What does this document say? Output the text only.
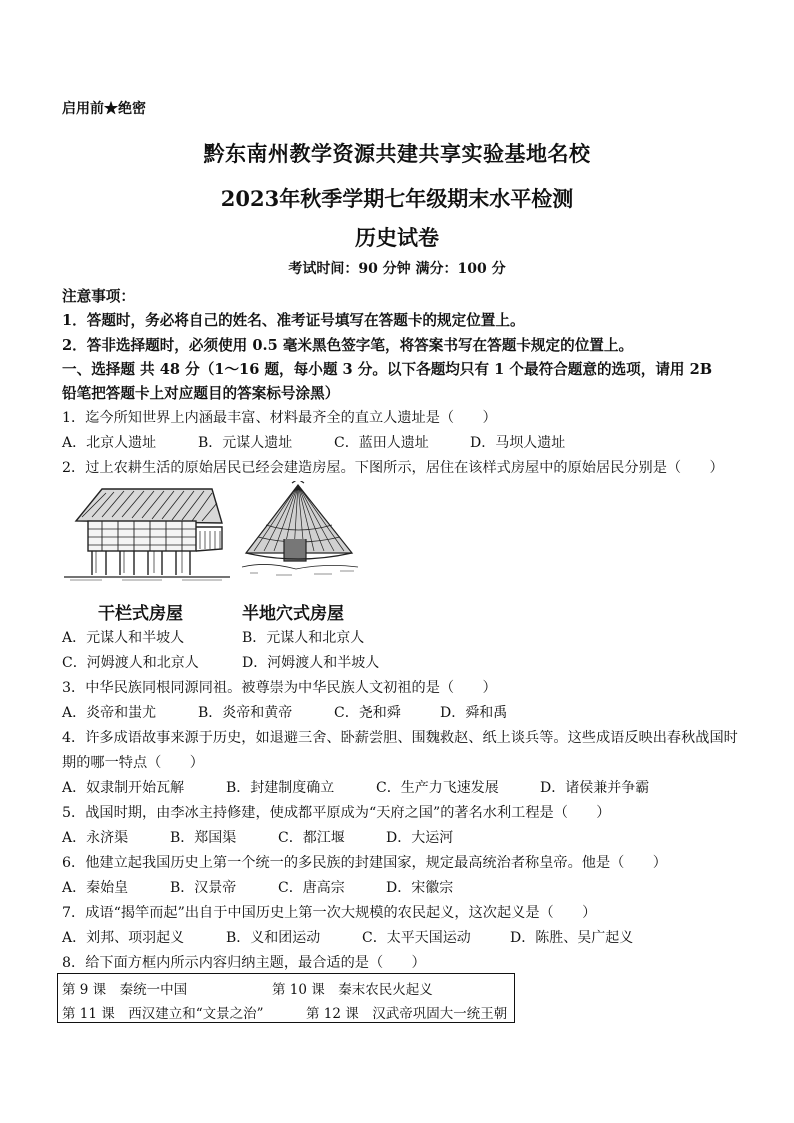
启用前★绝密
黔东南州教学资源共建共享实验基地名校
2023年秋季学期七年级期末水平检测
历史试卷
考试时间：90 分钟 满分：100 分
注意事项：
1．答题时，务必将自己的姓名、准考证号填写在答题卡的规定位置上。
2．答非选择题时，必须使用 0.5 毫米黑色签字笔，将答案书写在答题卡规定的位置上。
一、选择题 共 48 分（1～16 题，每小题 3 分。以下各题均只有 1 个最符合题意的选项，请用 2B
铅笔把答题卡上对应题目的答案标号涂黑）
1．迄今所知世界上内涵最丰富、材料最齐全的直立人遗址是（　　）
A．北京人遗址	B．元谋人遗址	C．蓝田人遗址	D．马坝人遗址
2．过上农耕生活的原始居民已经会建造房屋。下图所示，居住在该样式房屋中的原始居民分别是（　　）
干栏式房屋	半地穴式房屋
A．元谋人和半坡人	B．元谋人和北京人
C．河姆渡人和北京人	D．河姆渡人和半坡人
3．中华民族同根同源同祖。被尊崇为中华民族人文初祖的是（　　）
A．炎帝和蚩尤	B．炎帝和黄帝	C．尧和舜	D．舜和禹
4．许多成语故事来源于历史，如退避三舍、卧薪尝胆、围魏救赵、纸上谈兵等。这些成语反映出春秋战国时
期的哪一特点（　　）
A．奴隶制开始瓦解	B．封建制度确立	C．生产力飞速发展	D．诸侯兼并争霸
5．战国时期，由李冰主持修建，使成都平原成为“天府之国”的著名水利工程是（　　）
A．永济渠	B．郑国渠	C．都江堰	D．大运河
6．他建立起我国历史上第一个统一的多民族的封建国家，规定最高统治者称皇帝。他是（　　）
A．秦始皇	B．汉景帝	C．唐高宗	D．宋徽宗
7．成语“揭竿而起”出自于中国历史上第一次大规模的农民起义，这次起义是（　　）
A．刘邦、项羽起义	B．义和团运动	C．太平天国运动	D．陈胜、吴广起义
8．给下面方框内所示内容归纳主题，最合适的是（　　）
第 9 课　秦统一中国	第 10 课　秦末农民火起义
第 11 课　西汉建立和“文景之治”	第 12 课　汉武帝巩固大一统王朝
